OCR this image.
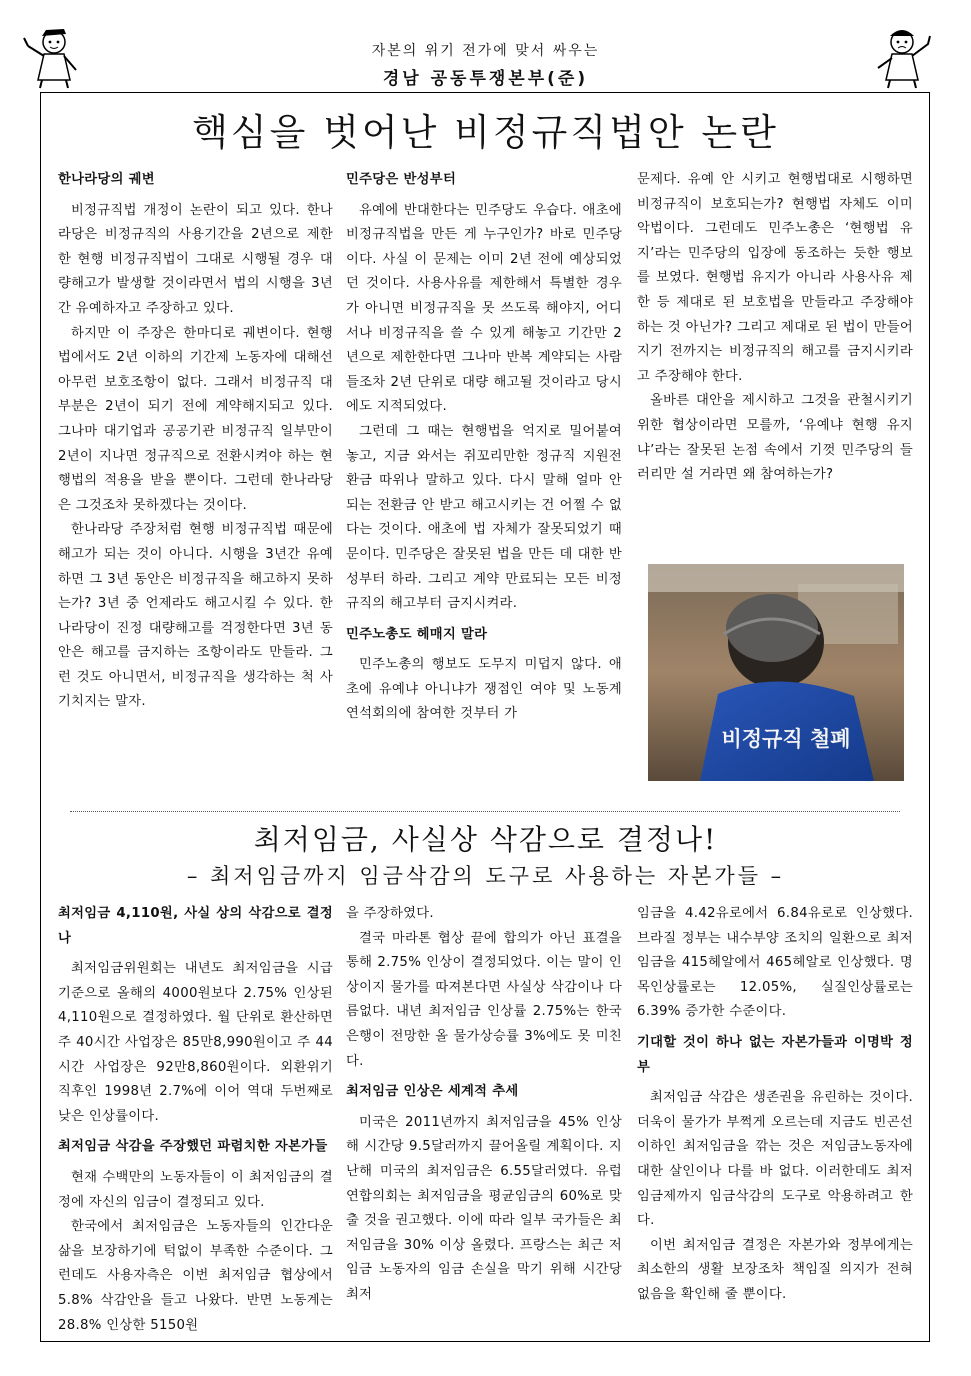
자본의 위기 전가에 맞서 싸우는
경남 공동투쟁본부(준)
핵심을 벗어난 비정규직법안 논란
한나라당의 궤변

비정규직법 개정이 논란이 되고 있다. 한나라당은 비정규직의 사용기간을 2년으로 제한한 현행 비정규직법이 그대로 시행될 경우 대량해고가 발생할 것이라면서 법의 시행을 3년간 유예하자고 주장하고 있다.

하지만 이 주장은 한마디로 궤변이다. 현행법에서도 2년 이하의 기간제 노동자에 대해선 아무런 보호조항이 없다. 그래서 비정규직 대부분은 2년이 되기 전에 계약해지되고 있다. 그나마 대기업과 공공기관 비정규직 일부만이 2년이 지나면 정규직으로 전환시켜야 하는 현행법의 적용을 받을 뿐이다. 그런데 한나라당은 그것조차 못하겠다는 것이다.

한나라당 주장처럼 현행 비정규직법 때문에 해고가 되는 것이 아니다. 시행을 3년간 유예하면 그 3년 동안은 비정규직을 해고하지 못하는가? 3년 중 언제라도 해고시킬 수 있다. 한나라당이 진정 대량해고를 걱정한다면 3년 동안은 해고를 금지하는 조항이라도 만들라. 그런 것도 아니면서, 비정규직을 생각하는 척 사기치지는 말자.

민주당은 반성부터

유예에 반대한다는 민주당도 우습다. 애초에 비정규직법을 만든 게 누구인가? 바로 민주당이다. 사실 이 문제는 이미 2년 전에 예상되었던 것이다. 사용사유를 제한해서 특별한 경우가 아니면 비정규직을 못 쓰도록 해야지, 어디서나 비정규직을 쓸 수 있게 해놓고 기간만 2년으로 제한한다면 그나마 반복 계약되는 사람들조차 2년 단위로 대량 해고될 것이라고 당시에도 지적되었다.

그런데 그 때는 현행법을 억지로 밀어붙여 놓고, 지금 와서는 쥐꼬리만한 정규직 지원전환금 따위나 말하고 있다. 다시 말해 얼마 안 되는 전환금 안 받고 해고시키는 건 어쩔 수 없다는 것이다. 애초에 법 자체가 잘못되었기 때문이다. 민주당은 잘못된 법을 만든 데 대한 반성부터 하라. 그리고 계약 만료되는 모든 비정규직의 해고부터 금지시켜라.

민주노총도 헤매지 말라

민주노총의 행보도 도무지 미덥지 않다. 애초에 유예냐 아니냐가 쟁점인 여야 및 노동계 연석회의에 참여한 것부터 가

문제다. 유예 안 시키고 현행법대로 시행하면 비정규직이 보호되는가? 현행법 자체도 이미 악법이다. 그런데도 민주노총은 ‘현행법 유지’라는 민주당의 입장에 동조하는 듯한 행보를 보였다. 현행법 유지가 아니라 사용사유 제한 등 제대로 된 보호법을 만들라고 주장해야 하는 것 아닌가? 그리고 제대로 된 법이 만들어지기 전까지는 비정규직의 해고를 금지시키라고 주장해야 한다.

올바른 대안을 제시하고 그것을 관철시키기 위한 협상이라면 모를까, ‘유예냐 현행 유지냐’라는 잘못된 논점 속에서 기껏 민주당의 들러리만 설 거라면 왜 참여하는가?

비정규직 철폐
최저임금, 사실상 삭감으로 결정나!
– 최저임금까지 임금삭감의 도구로 사용하는 자본가들 –
최저임금 4,110원, 사실 상의 삭감으로 결정나

최저임금위원회는 내년도 최저임금을 시급 기준으로 올해의 4000원보다 2.75% 인상된 4,110원으로 결정하였다. 월 단위로 환산하면 주 40시간 사업장은 85만8,990원이고 주 44시간 사업장은 92만8,860원이다. 외환위기 직후인 1998년 2.7%에 이어 역대 두번째로 낮은 인상률이다.

최저임금 삭감을 주장했던 파렴치한 자본가들

현재 수백만의 노동자들이 이 최저임금의 결정에 자신의 임금이 결정되고 있다.

한국에서 최저임금은 노동자들의 인간다운 삶을 보장하기에 턱없이 부족한 수준이다. 그런데도 사용자측은 이번 최저임금 협상에서 5.8% 삭감안을 들고 나왔다. 반면 노동계는 28.8% 인상한 5150원

을 주장하였다.

결국 마라톤 협상 끝에 합의가 아닌 표결을 통해 2.75% 인상이 결정되었다. 이는 말이 인상이지 물가를 따져본다면 사실상 삭감이나 다름없다. 내년 최저임금 인상률 2.75%는 한국은행이 전망한 올 물가상승률 3%에도 못 미친다.

최저임금 인상은 세계적 추세

미국은 2011년까지 최저임금을 45% 인상해 시간당 9.5달러까지 끌어올릴 계획이다. 지난해 미국의 최저임금은 6.55달러였다. 유럽연합의회는 최저임금을 평균임금의 60%로 맞출 것을 권고했다. 이에 따라 일부 국가들은 최저임금을 30% 이상 올렸다. 프랑스는 최근 저임금 노동자의 임금 손실을 막기 위해 시간당 최저

임금을 4.42유로에서 6.84유로로 인상했다. 브라질 정부는 내수부양 조치의 일환으로 최저임금을 415헤알에서 465헤알로 인상했다. 명목인상률로는 12.05%, 실질인상률로는 6.39% 증가한 수준이다.

기대할 것이 하나 없는 자본가들과 이명박 정부

최저임금 삭감은 생존권을 유린하는 것이다. 더욱이 물가가 부쩍게 오르는데 지금도 빈곤선 이하인 최저임금을 깎는 것은 저임금노동자에 대한 살인이나 다를 바 없다. 이러한데도 최저임금제까지 임금삭감의 도구로 악용하려고 한다.

이번 최저임금 결정은 자본가와 정부에게는 최소한의 생활 보장조차 책임질 의지가 전혀 없음을 확인해 줄 뿐이다.
